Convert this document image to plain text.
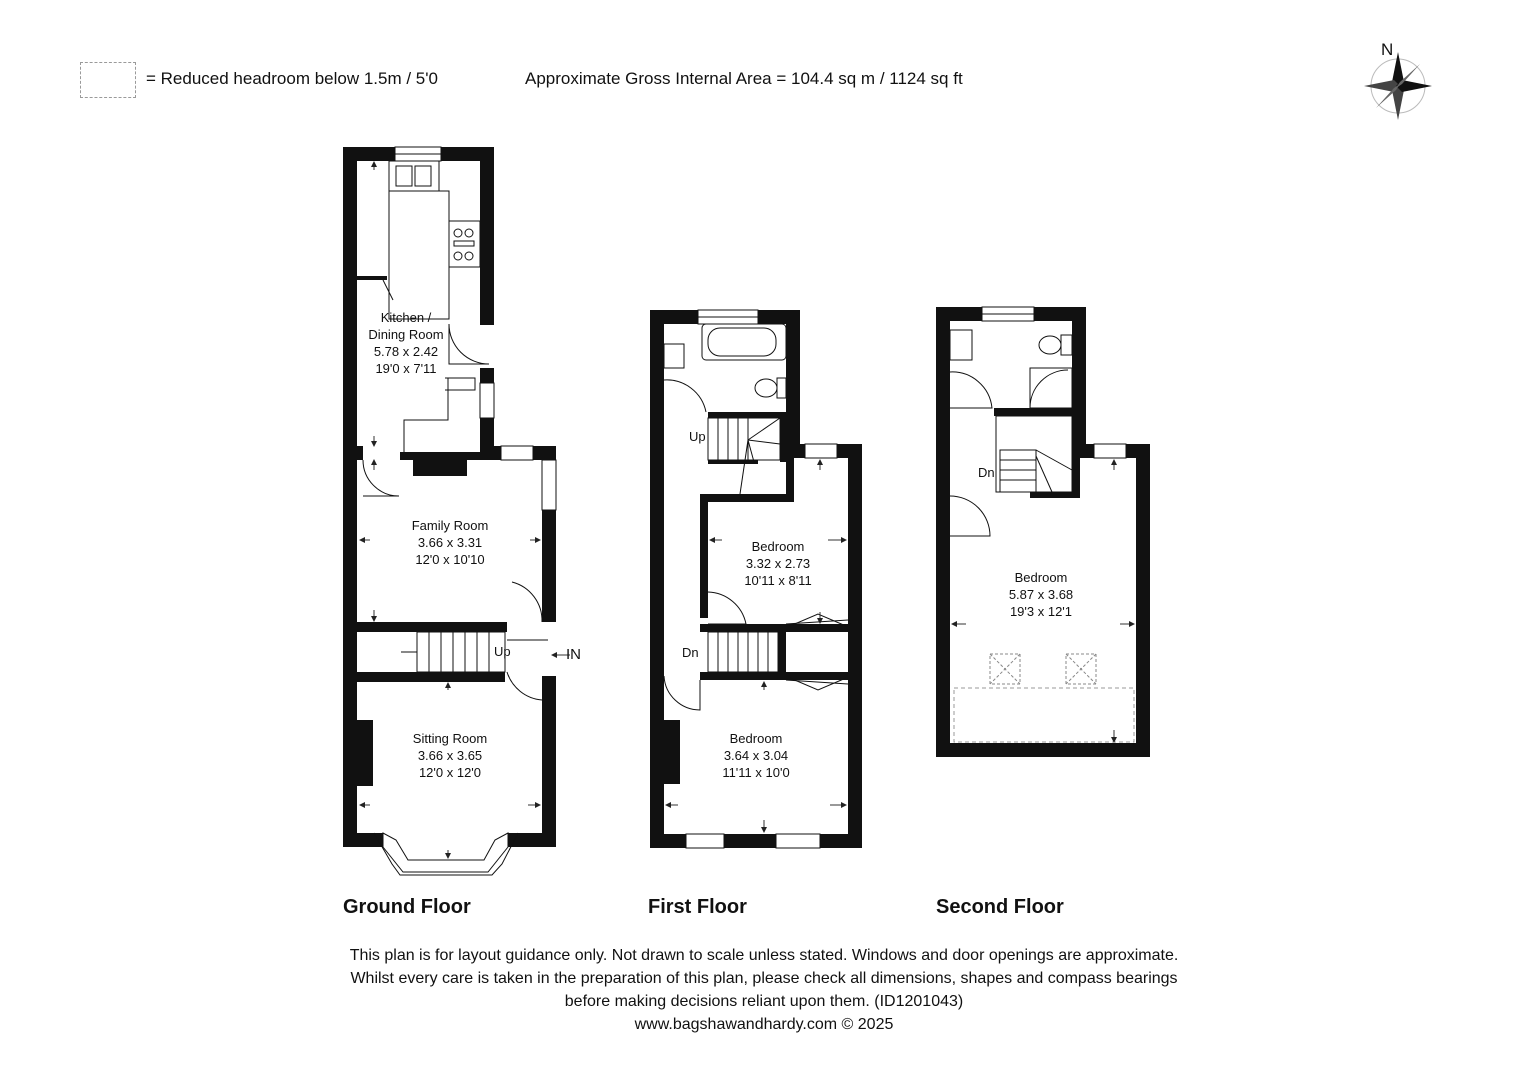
= Reduced headroom below 1.5m / 5'0	Approximate Gross Internal Area = 104.4 sq m / 1124 sq ft
N
Kitchen /
Dining Room
5.78 x 2.42
19'0 x 7'11
Family Room
3.66 x 3.31
12'0 x 10'10
Sitting Room
3.66 x 3.65
12'0 x 12'0
Up	IN
Bedroom
3.32 x 2.73
10'11 x 8'11
Bedroom
3.64 x 3.04
11'11 x 10'0
Up
Dn
Bedroom
5.87 x 3.68
19'3 x 12'1
Dn
Ground Floor	First Floor	Second Floor
This plan is for layout guidance only. Not drawn to scale unless stated. Windows and door openings are approximate.
Whilst every care is taken in the preparation of this plan, please check all dimensions, shapes and compass bearings
before making decisions reliant upon them. (ID1201043)
www.bagshawandhardy.com © 2025
